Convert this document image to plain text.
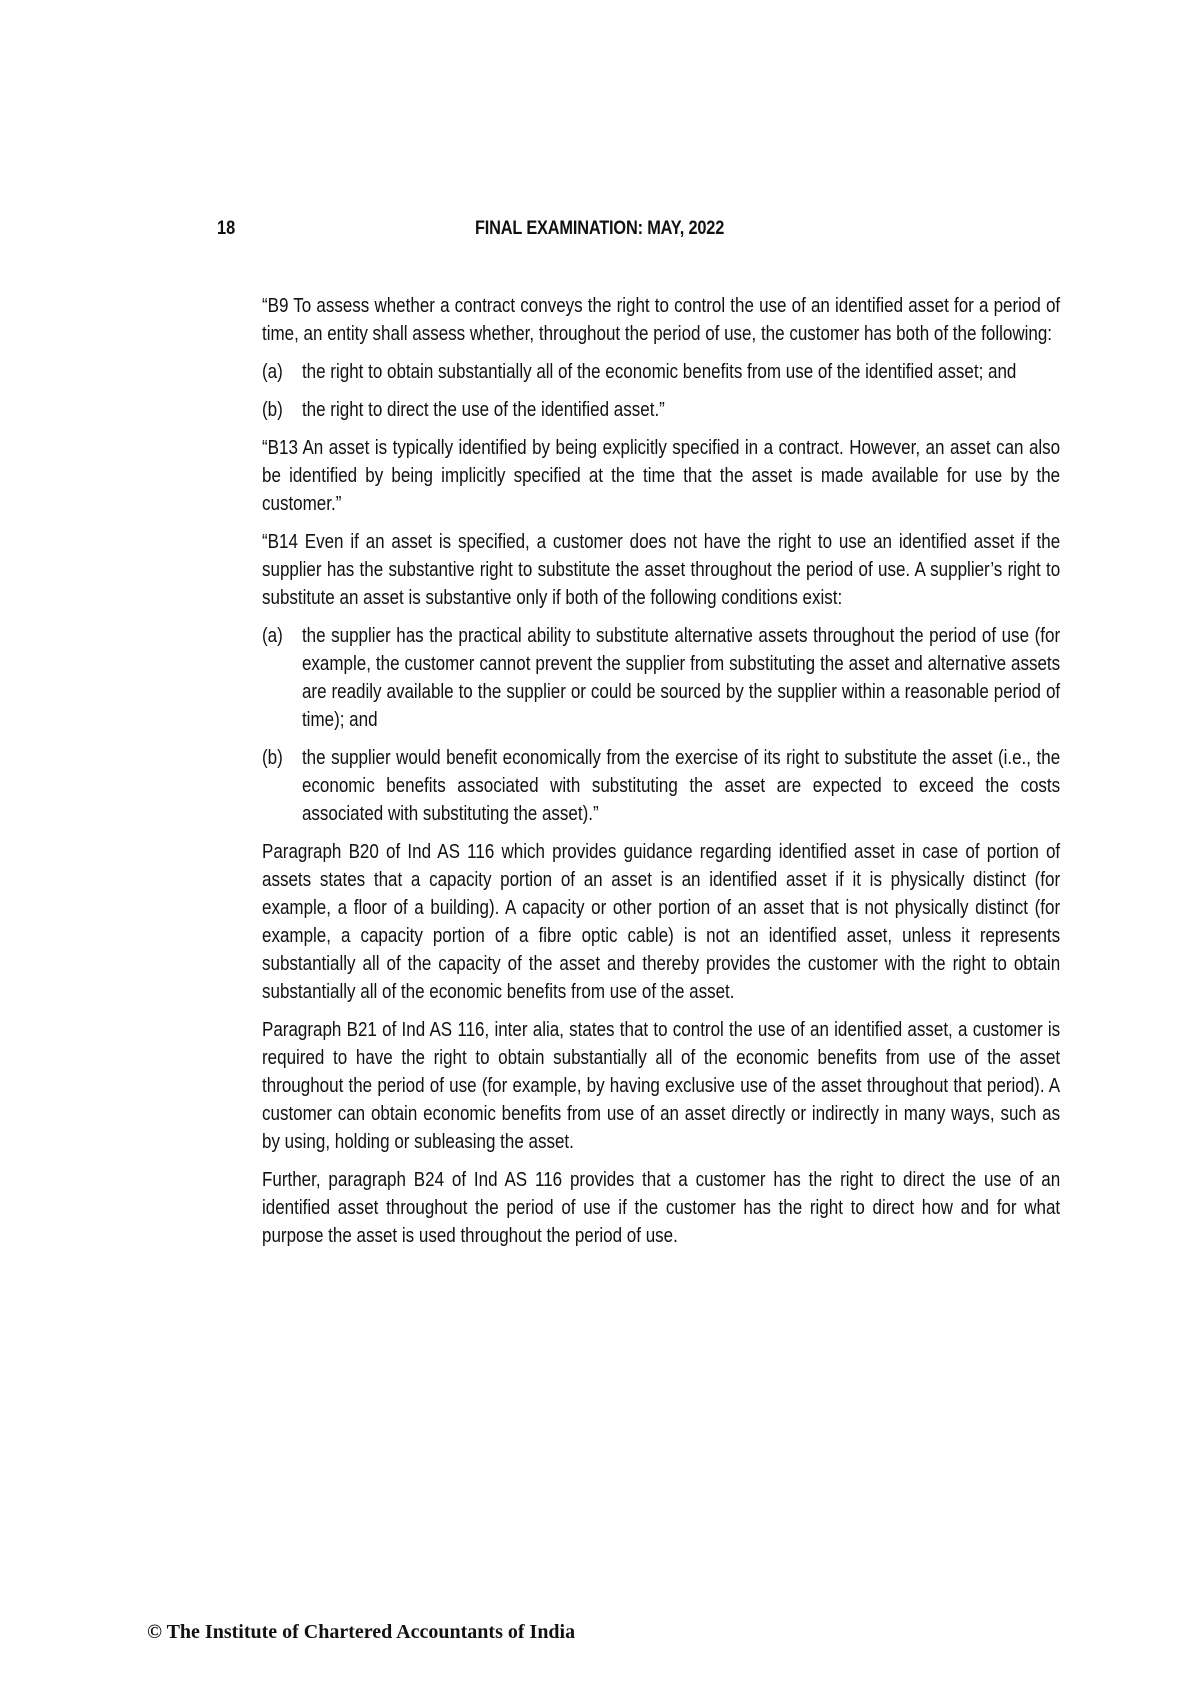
18	FINAL EXAMINATION: MAY, 2022

“B9 To assess whether a contract conveys the right to control the use of an identified asset for a period of time, an entity shall assess whether, throughout the period of use, the customer has both of the following:

(a) the right to obtain substantially all of the economic benefits from use of the identified asset; and
(b) the right to direct the use of the identified asset.”

“B13 An asset is typically identified by being explicitly specified in a contract. However, an asset can also be identified by being implicitly specified at the time that the asset is made available for use by the customer.”

“B14 Even if an asset is specified, a customer does not have the right to use an identified asset if the supplier has the substantive right to substitute the asset throughout the period of use. A supplier’s right to substitute an asset is substantive only if both of the following conditions exist:

(a) the supplier has the practical ability to substitute alternative assets throughout the period of use (for example, the customer cannot prevent the supplier from substituting the asset and alternative assets are readily available to the supplier or could be sourced by the supplier within a reasonable period of time); and
(b) the supplier would benefit economically from the exercise of its right to substitute the asset (i.e., the economic benefits associated with substituting the asset are expected to exceed the costs associated with substituting the asset).”

Paragraph B20 of Ind AS 116 which provides guidance regarding identified asset in case of portion of assets states that a capacity portion of an asset is an identified asset if it is physically distinct (for example, a floor of a building). A capacity or other portion of an asset that is not physically distinct (for example, a capacity portion of a fibre optic cable) is not an identified asset, unless it represents substantially all of the capacity of the asset and thereby provides the customer with the right to obtain substantially all of the economic benefits from use of the asset.

Paragraph B21 of Ind AS 116, inter alia, states that to control the use of an identified asset, a customer is required to have the right to obtain substantially all of the economic benefits from use of the asset throughout the period of use (for example, by having exclusive use of the asset throughout that period). A customer can obtain economic benefits from use of an asset directly or indirectly in many ways, such as by using, holding or subleasing the asset.

Further, paragraph B24 of Ind AS 116 provides that a customer has the right to direct the use of an identified asset throughout the period of use if the customer has the right to direct how and for what purpose the asset is used throughout the period of use.

© The Institute of Chartered Accountants of India
